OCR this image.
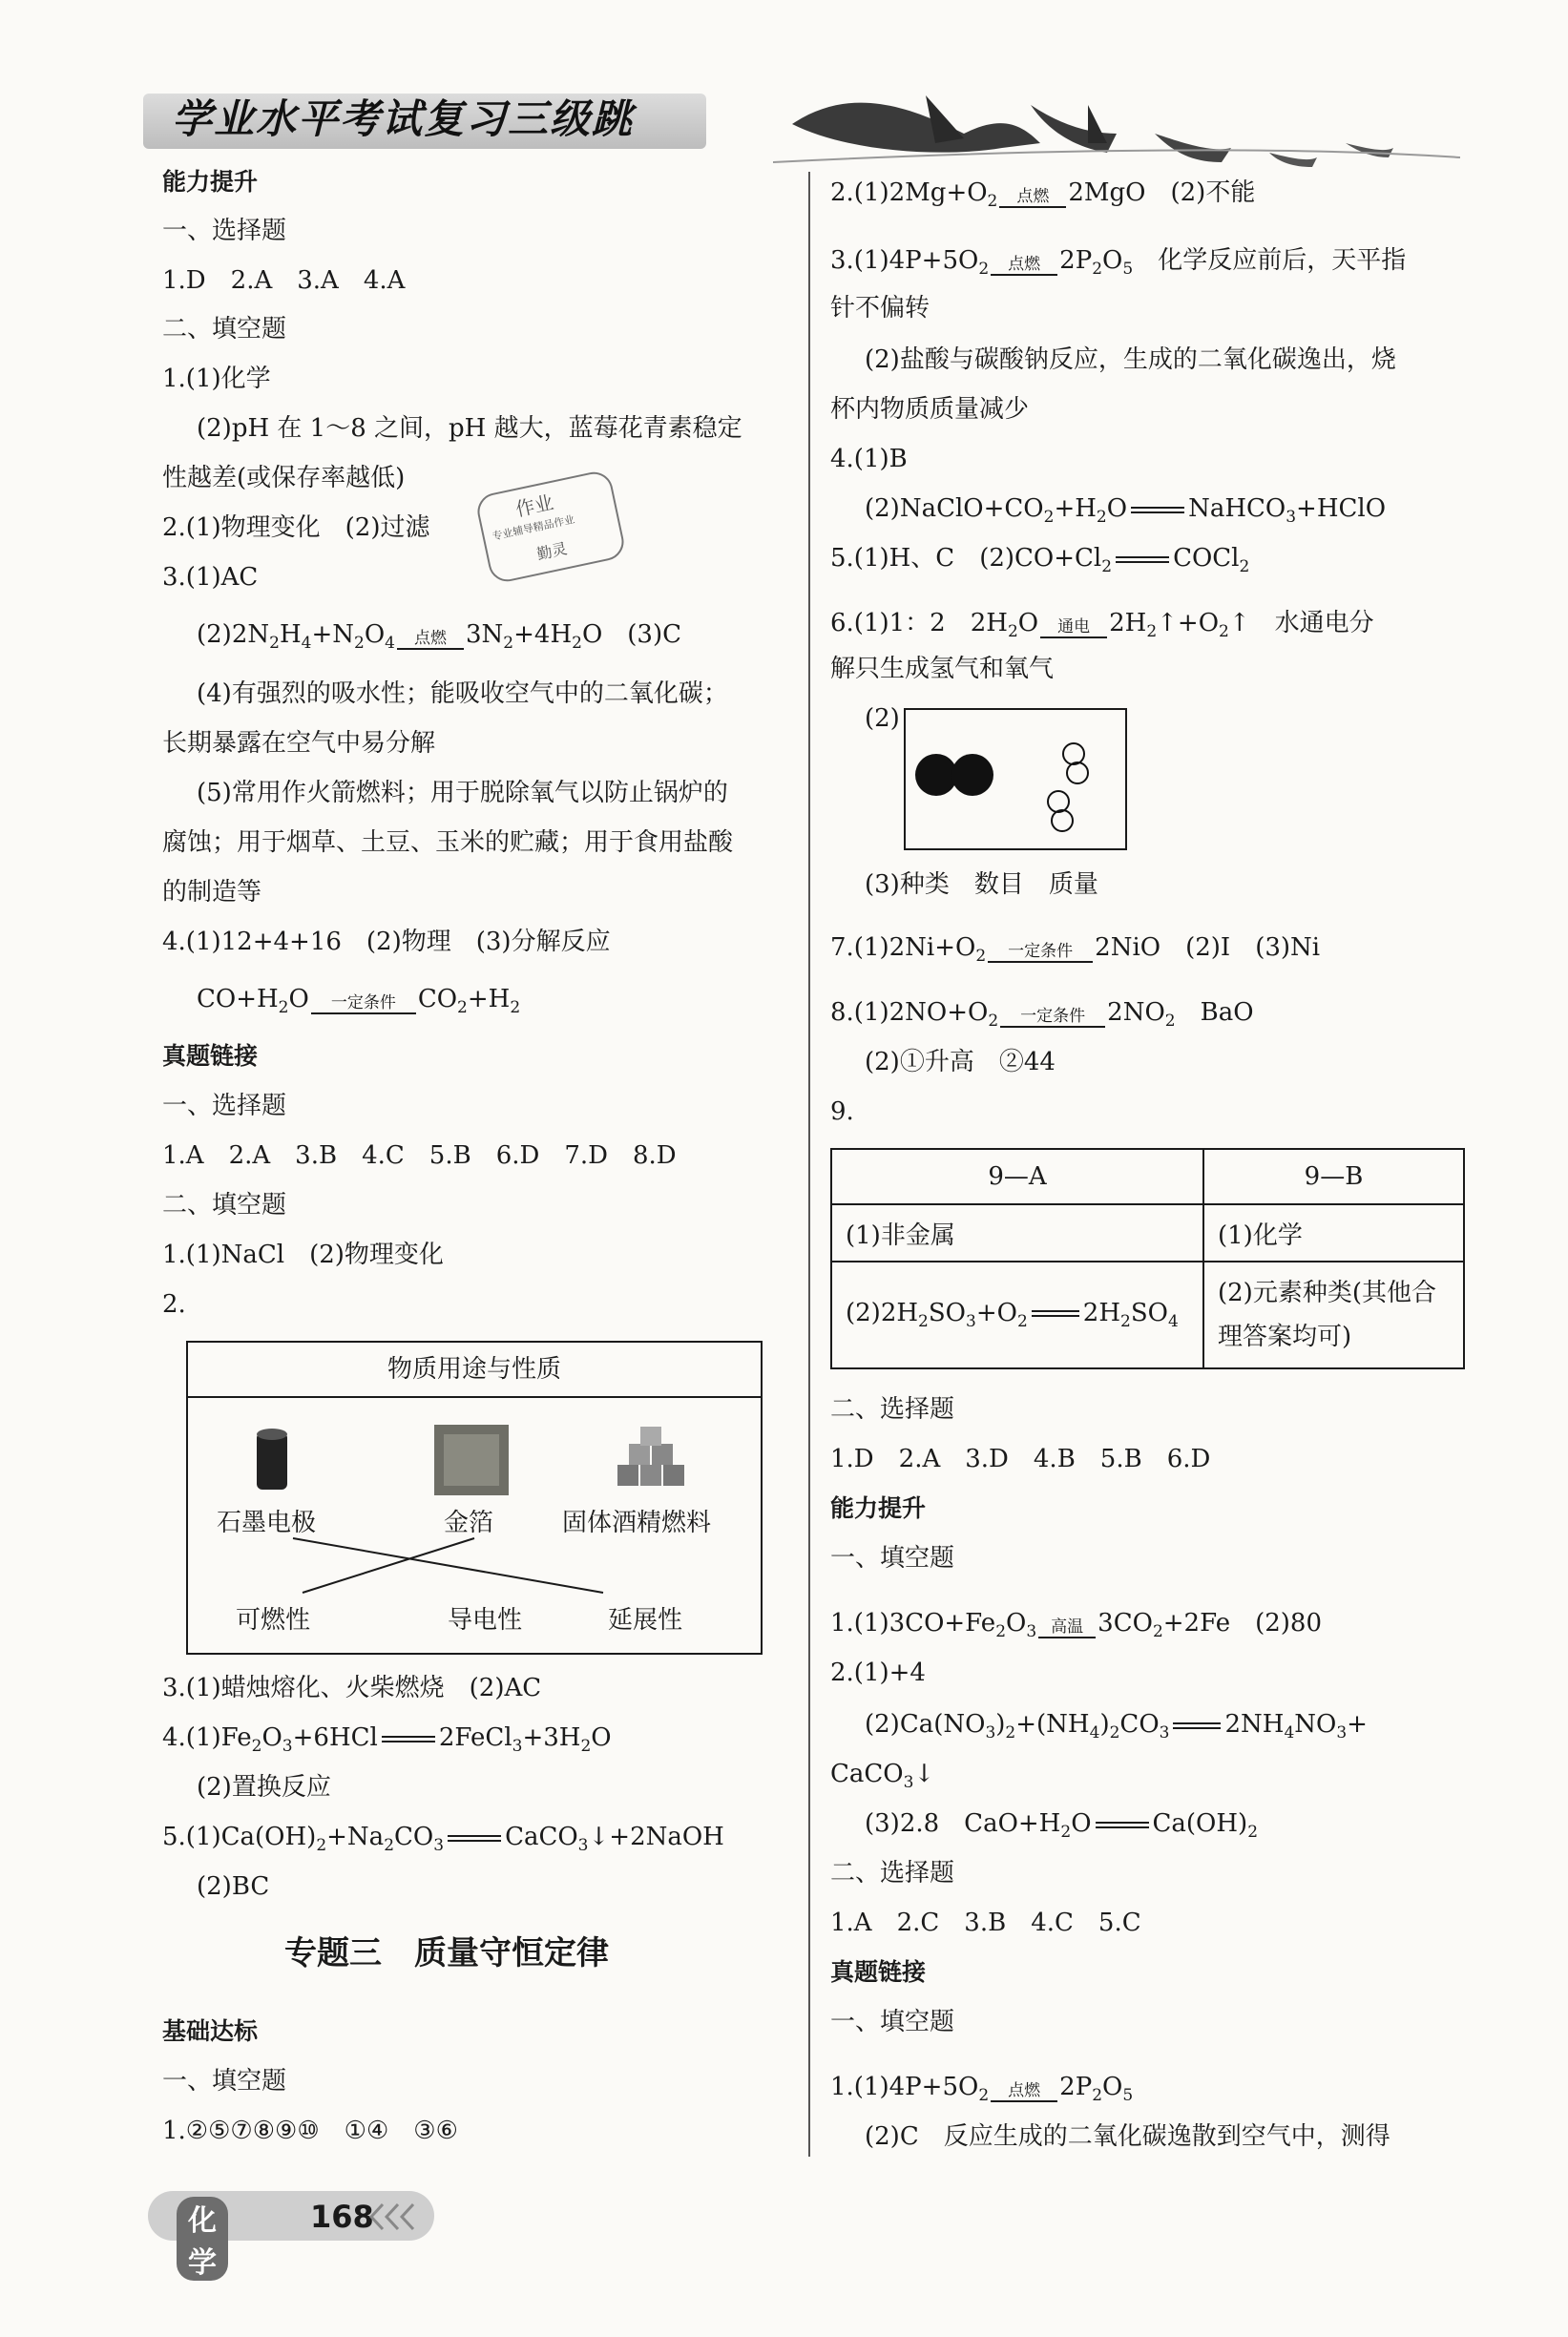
学业水平考试复习三级跳
能力提升
一、选择题
1.D　2.A　3.A　4.A
二、填空题
1.(1)化学
(2)pH 在 1～8 之间，pH 越大，蓝莓花青素稳定
性越差(或保存率越低)
2.(1)物理变化　(2)过滤
作业
专业辅导精品作业
勤灵
3.(1)AC
$(2)2N_2H_4+N_2O_4$	点燃 $3N_2+4H_2O$　(3)C
(4)有强烈的吸水性；能吸收空气中的二氧化碳；
长期暴露在空气中易分解
(5)常用作火箭燃料；用于脱除氧气以防止锅炉的
腐蚀；用于烟草、土豆、玉米的贮藏；用于食用盐酸
的制造等
4.(1)12+4+16　(2)物理　(3)分解反应
$CO+H_2O$	一定条件 $CO_2+H_2$
真题链接
一、选择题
1.A　2.A　3.B　4.C　5.B　6.D　7.D　8.D
二、填空题
1.(1)NaCl　(2)物理变化
2.
物质用途与性质
石墨电极	金箔	固体酒精燃料
可燃性	导电性	延展性
3.(1)蜡烛熔化、火柴燃烧　(2)AC
$4.(1)Fe_2O_3+6HCl$ $2FeCl_3+3H_2O$
(2)置换反应
$5.(1)Ca(OH)_2+Na_2CO_3$ CaCO$_3$↓+2NaOH
(2)BC
专题三　质量守恒定律
基础达标
一、填空题
1.②⑤⑦⑧⑨⑩　①④　③⑥
$2.(1)2Mg+O_2$	点燃 2MgO　(2)不能
$3.(1)4P+5O_2$	点燃 $2P_2O_5$　化学反应前后，天平指
针不偏转
(2)盐酸与碳酸钠反应，生成的二氧化碳逸出，烧
杯内物质质量减少
4.(1)B
$(2)NaClO+CO_2+H_2O$ NaHCO$_3$+HClO
5.(1)H、C　$(2)CO+Cl_2$ COCl$_2$
6.(1)1：2　$2H_2O$	通电 $2H_2↑+O_2↑$　水通电分
解只生成氢气和氧气
(2)
(3)种类　数目　质量
$7.(1)2Ni+O_2$	一定条件 2NiO　(2)Ⅰ　(3)Ni
$8.(1)2NO+O_2$	一定条件 $2NO_2$　BaO
(2)①升高　②44
9.
9—A	9—B
(1)非金属	(1)化学
$(2)2H_2SO_3+O_2$ $2H_2SO_4$	(2)元素种类(其他合理答案均可)
二、选择题
1.D　2.A　3.D　4.B　5.B　6.D
能力提升
一、填空题
$1.(1)3CO+Fe_2O_3$ 高温 $3CO_2+2Fe$　(2)80
2.(1)+4
$(2)Ca(NO_3)_2+(NH_4)_2CO_3$ $2NH_4NO_3+$
CaCO$_3$↓
(3)2.8　$CaO+H_2O$ $Ca(OH)_2$
二、选择题
1.A　2.C　3.B　4.C　5.C
真题链接
一、填空题
$1.(1)4P+5O_2$	点燃 $2P_2O_5$
(2)C　反应生成的二氧化碳逸散到空气中，测得
化学
168
